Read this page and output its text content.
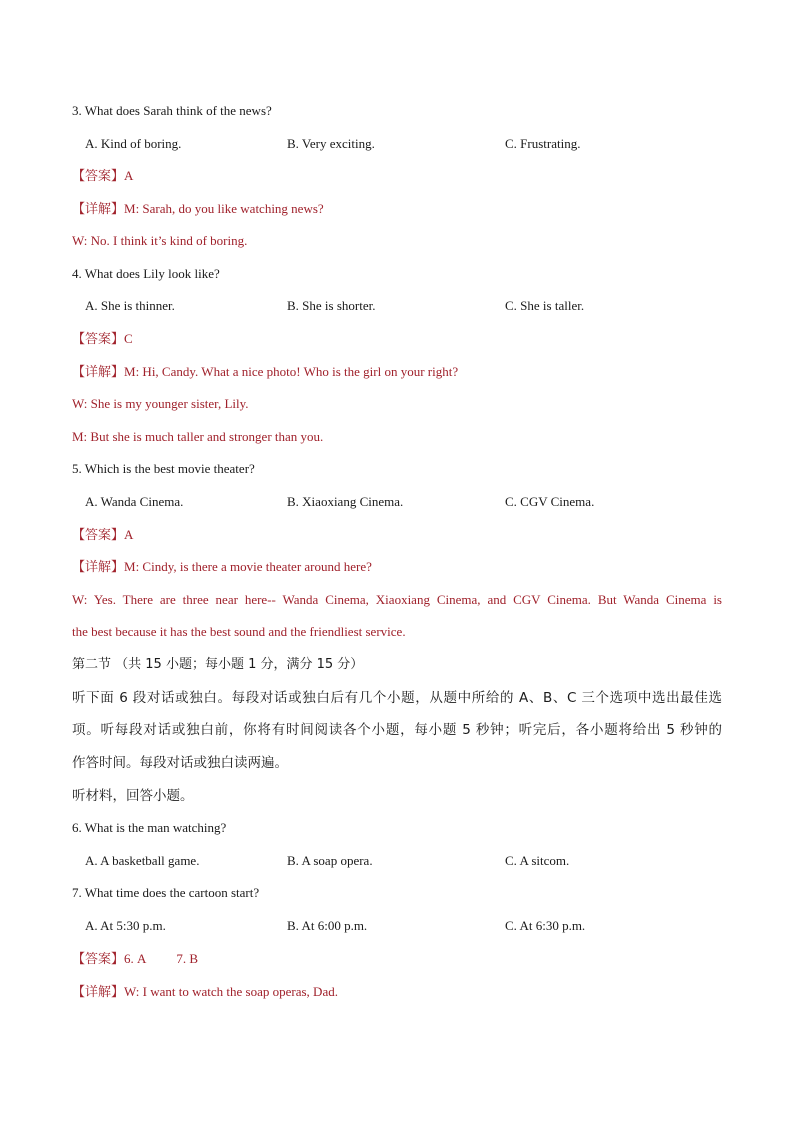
3. What does Sarah think of the news?
A. Kind of boring.	B. Very exciting.	C. Frustrating.
【答案】A
【详解】M: Sarah, do you like watching news?
W: No. I think it’s kind of boring.
4. What does Lily look like?
A. She is thinner.	B. She is shorter.	C. She is taller.
【答案】C
【详解】M: Hi, Candy. What a nice photo! Who is the girl on your right?
W: She is my younger sister, Lily.
M: But she is much taller and stronger than you.
5. Which is the best movie theater?
A. Wanda Cinema.	B. Xiaoxiang Cinema.	C. CGV Cinema.
【答案】A
【详解】M: Cindy, is there a movie theater around here?
W: Yes. There are three near here-- Wanda Cinema, Xiaoxiang Cinema, and CGV Cinema. But Wanda Cinema is
the best because it has the best sound and the friendliest service.
第二节 （共 15 小题；每小题 1 分，满分 15 分）
听下面 6 段对话或独白。每段对话或独白后有几个小题，从题中所给的 A、B、C 三个选项中选出最佳选
项。听每段对话或独白前，你将有时间阅读各个小题，每小题 5 秒钟；听完后，各小题将给出 5 秒钟的
作答时间。每段对话或独白读两遍。
听材料，回答小题。
6. What is the man watching?
A. A basketball game.	B. A soap opera.	C. A sitcom.
7. What time does the cartoon start?
A. At 5:30 p.m.	B. At 6:00 p.m.	C. At 6:30 p.m.
【答案】6. A 7. B
【详解】W: I want to watch the soap operas, Dad.
